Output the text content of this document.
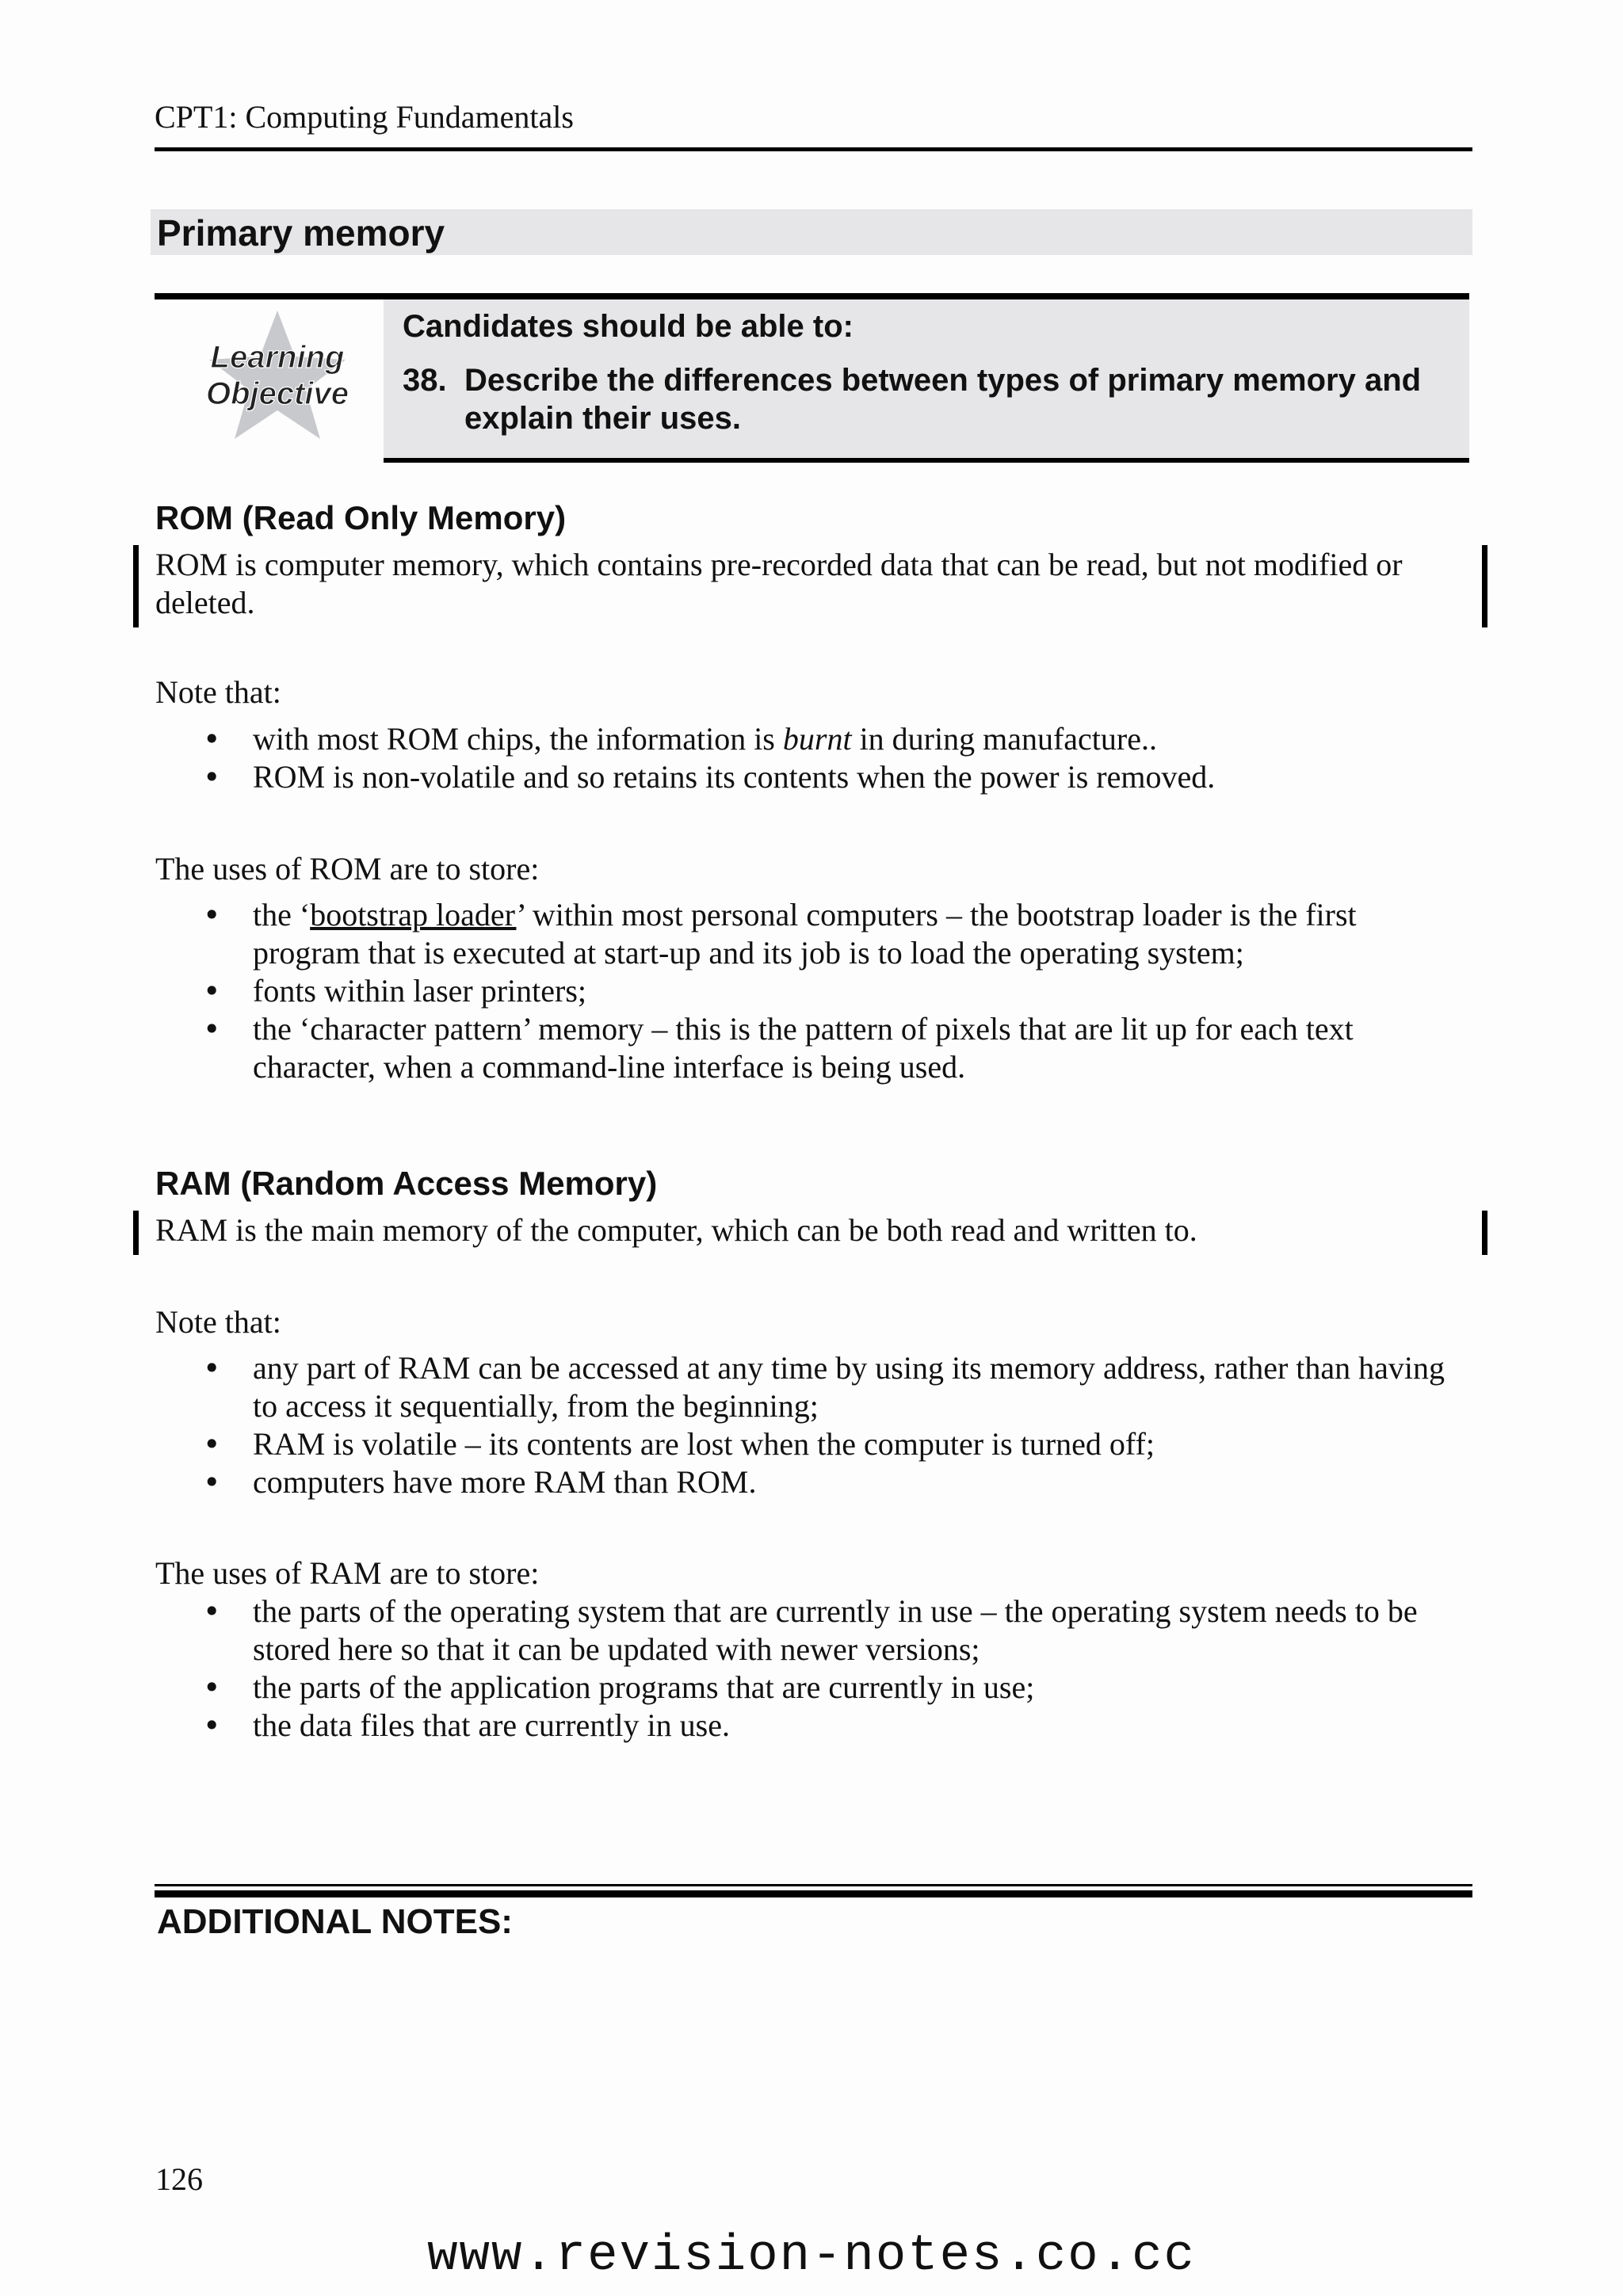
CPT1: Computing Fundamentals
Primary memory
Learning
Objective
Candidates should be able to:
38. Describe the differences between types of primary memory and explain their uses.
ROM (Read Only Memory)
ROM is computer memory, which contains pre-recorded data that can be read, but not modified or deleted.
Note that:
• with most ROM chips, the information is burnt in during manufacture..
• ROM is non-volatile and so retains its contents when the power is removed.
The uses of ROM are to store:
• the ‘bootstrap loader’ within most personal computers – the bootstrap loader is the first program that is executed at start-up and its job is to load the operating system;
• fonts within laser printers;
• the ‘character pattern’ memory – this is the pattern of pixels that are lit up for each text character, when a command-line interface is being used.
RAM (Random Access Memory)
RAM is the main memory of the computer, which can be both read and written to.
Note that:
• any part of RAM can be accessed at any time by using its memory address, rather than having to access it sequentially, from the beginning;
• RAM is volatile – its contents are lost when the computer is turned off;
• computers have more RAM than ROM.
The uses of RAM are to store:
• the parts of the operating system that are currently in use – the operating system needs to be stored here so that it can be updated with newer versions;
• the parts of the application programs that are currently in use;
• the data files that are currently in use.
ADDITIONAL NOTES:
126
www.revision-notes.co.cc
